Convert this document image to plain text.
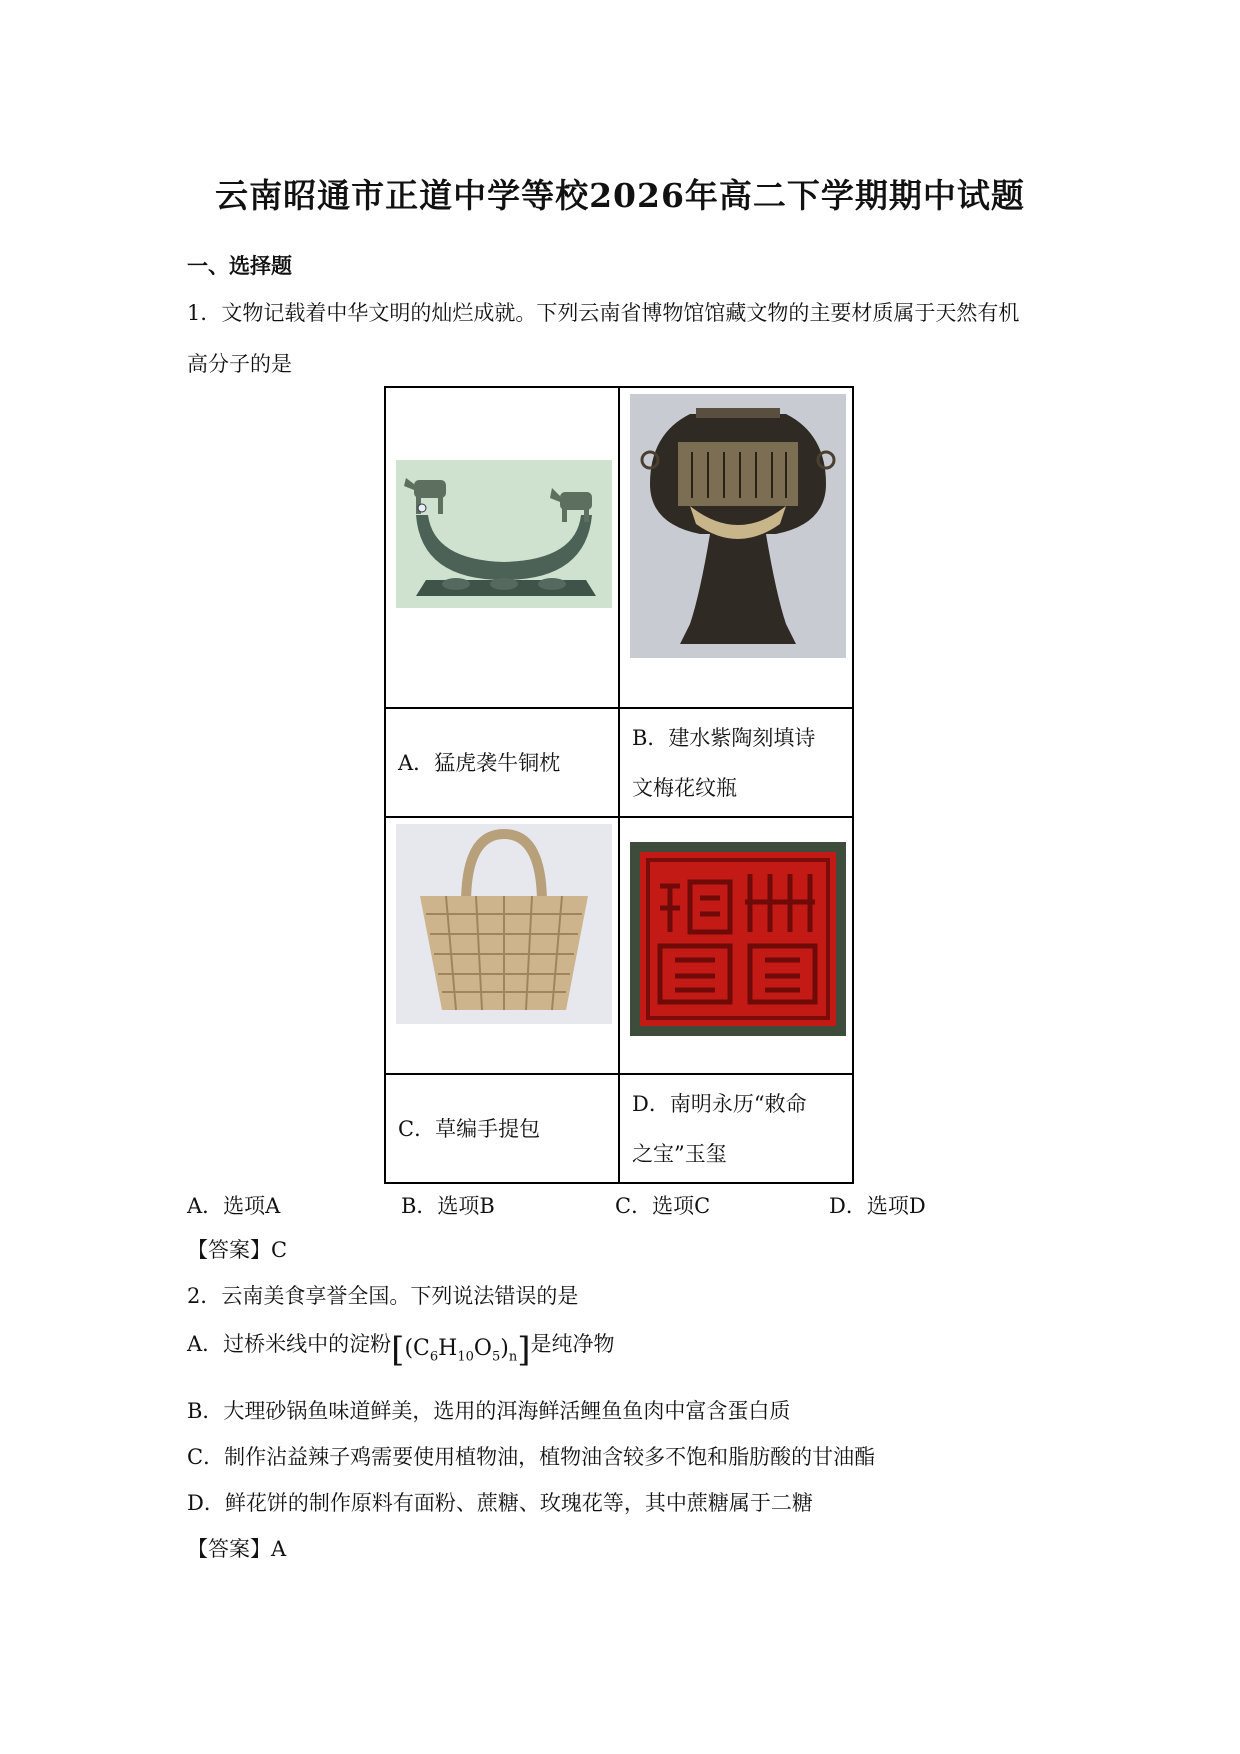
云南昭通市正道中学等校2026年高二下学期期中试题
一、选择题
1．文物记载着中华文明的灿烂成就。下列云南省博物馆馆藏文物的主要材质属于天然有机
高分子的是

A．猛虎袭牛铜枕	B．建水紫陶刻填诗
文梅花纹瓶

C．草编手提包	D．南明永历“敕命
之宝”玉玺
A．选项A	B．选项B	C．选项C	D．选项D
【答案】C
2．云南美食享誉全国。下列说法错误的是
A．过桥米线中的淀粉$[(C_6H_{10}O_5)_n]$是纯净物
B．大理砂锅鱼味道鲜美，选用的洱海鲜活鲤鱼鱼肉中富含蛋白质
C．制作沾益辣子鸡需要使用植物油，植物油含较多不饱和脂肪酸的甘油酯
D．鲜花饼的制作原料有面粉、蔗糖、玫瑰花等，其中蔗糖属于二糖
【答案】A
